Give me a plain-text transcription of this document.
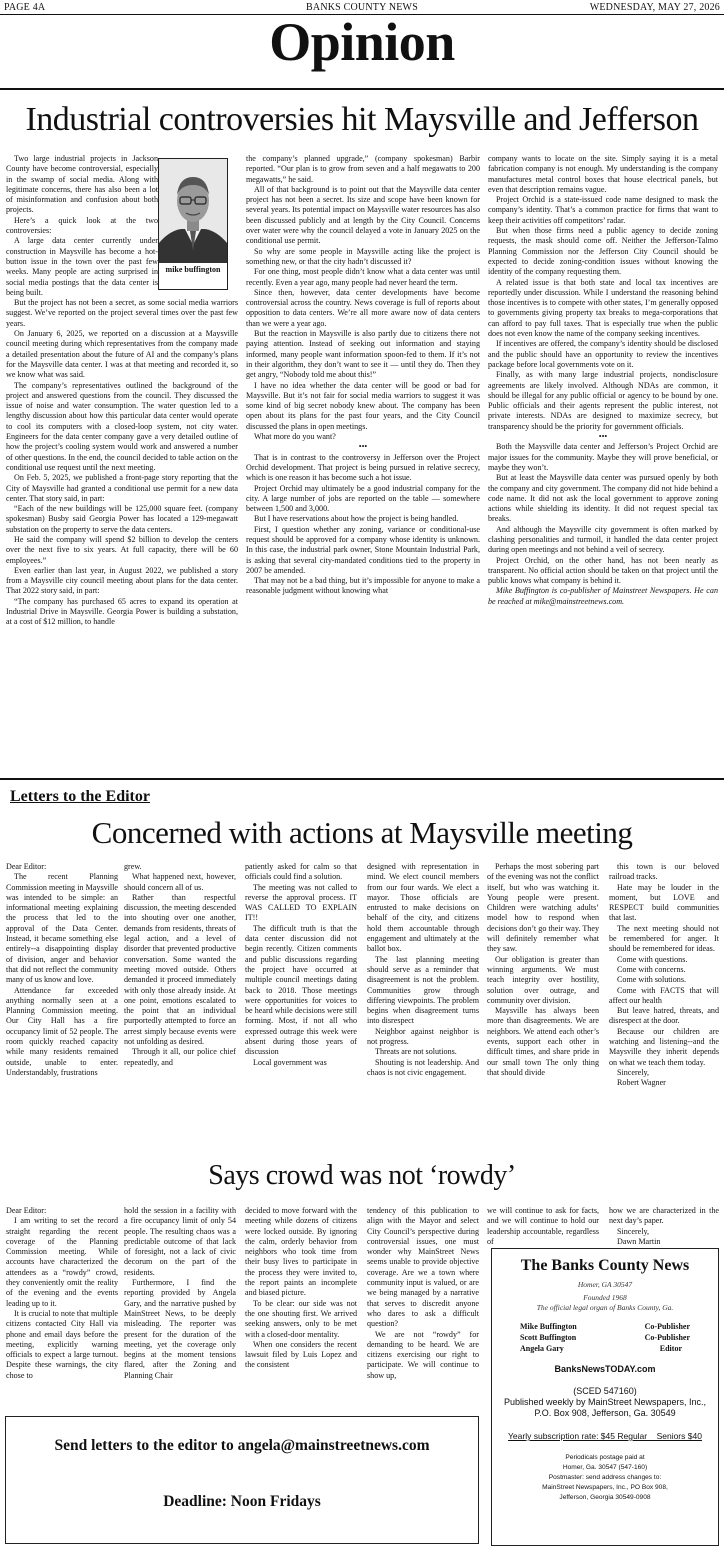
PAGE 4A	BANKS COUNTY NEWS	WEDNESDAY, MAY 27, 2026
Opinion
Industrial controversies hit Maysville and Jefferson
mike buffington

Two large industrial projects in Jackson County have become controversial, especially in the swamp of social media. Along with legitimate concerns, there has also been a lot of misinformation and confusion about both projects.

Here’s a quick look at the two controversies:

A large data center currently under construction in Maysville has become a hot-button issue in the town over the past few weeks. Many people are acting surprised in social media postings that the data center is being built.

But the project has not been a secret, as some social media warriors suggest. We’ve reported on the project several times over the past few years.

On January 6, 2025, we reported on a discussion at a Maysville council meeting during which representatives from the company made a detailed presentation about the future of AI and the company’s plans for the Maysville data center. I was at that meeting and recorded it, so we know what was said.

The company’s representatives outlined the background of the project and answered questions from the council. They discussed the issue of noise and water consumption. The water question led to a lengthy discussion about how this particular data center would operate to cool its computers with a closed-loop system, not city water. Engineers for the data center company gave a very detailed outline of how the project’s cooling system would work and answered a number of other questions. In the end, the council decided to table action on the conditional use request until the next meeting.

On Feb. 5, 2025, we published a front-page story reporting that the City of Maysville had granted a conditional use permit for a new data center. That story said, in part:

“Each of the new buildings will be 125,000 square feet. (company spokesman) Busby said Georgia Power has located a 129-megawatt substation on the property to serve the data centers.

He said the company will spend $2 billion to develop the centers over the next five to six years. At full capacity, there will be 60 employees.”

Even earlier than last year, in August 2022, we published a story from a Maysville city council meeting about plans for the data center. That 2022 story said, in part:

“The company has purchased 65 acres to expand its operation at Industrial Drive in Maysville. Georgia Power is building a substation, at a cost of $12 million, to handle

the company’s planned upgrade,” (company spokesman) Barbir reported. “Our plan is to grow from seven and a half megawatts to 200 megawatts,” he said.

All of that background is to point out that the Maysville data center project has not been a secret. Its size and scope have been known for several years. Its potential impact on Maysville water resources has also been discussed publicly and at length by the City Council. Concerns over water were why the council delayed a vote in January 2025 on the conditional use permit.

So why are some people in Maysville acting like the project is something new, or that the city hadn’t discussed it?

For one thing, most people didn’t know what a data center was until recently. Even a year ago, many people had never heard the term.

Since then, however, data center developments have become controversial across the country. News coverage is full of reports about opposition to data centers. We’re all more aware now of data centers than we were a year ago.

But the reaction in Maysville is also partly due to citizens there not paying attention. Instead of seeking out information and staying informed, many people want information spoon-fed to them. If it’s not in their algorithm, they don’t want to see it — until they do. Then they get angry, “Nobody told me about this!”

I have no idea whether the data center will be good or bad for Maysville. But it’s not fair for social media warriors to suggest it was some kind of big secret nobody knew about. The company has been open about its plans for the past four years, and the City Council discussed the plans in open meetings.

What more do you want?

•••

That is in contrast to the controversy in Jefferson over the Project Orchid development. That project is being pursued in relative secrecy, which is one reason it has become such a hot issue.

Project Orchid may ultimately be a good industrial company for the city. A large number of jobs are reported on the table — somewhere between 1,500 and 3,000.

But I have reservations about how the project is being handled.

First, I question whether any zoning, variance or conditional-use request should be approved for a company whose identity is unknown. In this case, the industrial park owner, Stone Mountain Industrial Park, is asking that several city-mandated conditions tied to the property in 2007 be amended.

That may not be a bad thing, but it’s impossible for anyone to make a reasonable judgment without knowing what

company wants to locate on the site. Simply saying it is a metal fabrication company is not enough. My understanding is the company manufactures metal control boxes that house electrical panels, but even that description remains vague.

Project Orchid is a state-issued code name designed to mask the company’s identity. That’s a common practice for firms that want to keep their activities off competitors’ radar.

But when those firms need a public agency to decide zoning requests, the mask should come off. Neither the Jefferson-Talmo Planning Commission nor the Jefferson City Council should be expected to decide zoning-condition issues without knowing the identity of the company requesting them.

A related issue is that both state and local tax incentives are reportedly under discussion. While I understand the reasoning behind those incentives is to compete with other states, I’m generally opposed to governments giving property tax breaks to mega-corporations that can afford to pay full taxes. That is especially true when the public does not even know the name of the company seeking incentives.

If incentives are offered, the company’s identity should be disclosed and the public should have an opportunity to review the incentives package before local governments vote on it.

Finally, as with many large industrial projects, nondisclosure agreements are likely involved. Although NDAs are common, it should be illegal for any public official or agency to be bound by one. Public officials and their agents represent the public interest, not private interests. NDAs are designed to maximize secrecy, but transparency should be the priority for government officials.

•••

Both the Maysville data center and Jefferson’s Project Orchid are major issues for the community. Maybe they will prove beneficial, or maybe they won’t.

But at least the Maysville data center was pursued openly by both the company and city government. The company did not hide behind a code name. It did not ask the local government to approve zoning actions while shielding its identity. It did not request special tax breaks.

And although the Maysville city government is often marked by clashing personalities and turmoil, it handled the data center project during open meetings and not behind a veil of secrecy.

Project Orchid, on the other hand, has not been nearly as transparent. No official action should be taken on that project until the public knows what company is behind it.

Mike Buffington is co-publisher of Mainstreet Newspapers. He can be reached at mike@mainstreetnews.com.

Letters to the Editor
Concerned with actions at Maysville meeting

Dear Editor:

The recent Planning Commission meeting in Maysville was intended to be simple: an informational meeting explaining the process that led to the approval of the Data Center. Instead, it became something else entirely--a disappointing display of division, anger and behavior that did not reflect the community many of us know and love.

Attendance far exceeded anything normally seen at a Planning Commission meeting. Our City Hall has a fire occupancy limit of 52 people. The room quickly reached capacity while many residents remained outside, unable to enter. Understandably, frustrations

grew.

What happened next, however, should concern all of us.

Rather than respectful discussion, the meeting descended into shouting over one another, demands from residents, threats of legal action, and a level of disorder that prevented productive conversation. Some wanted the meeting moved outside. Others demanded it proceed immediately with only those already inside. At one point, emotions escalated to the point that an individual purportedly attempted to force an arrest simply because events were not unfolding as desired.

Through it all, our police chief repeatedly, and

patiently asked for calm so that officials could find a solution.

The meeting was not called to reverse the approval process. IT WAS CALLED TO EXPLAIN IT!!

The difficult truth is that the data center discussion did not begin recently. Citizen comments and public discussions regarding the project have occurred at multiple council meetings dating back to 2018. Those meetings were opportunities for voices to be heard while decisions were still forming. Most, if not all who expressed outrage this week were absent during those years of discussion

Local government was

designed with representation in mind. We elect council members from our four wards. We elect a mayor. Those officials are entrusted to make decisions on behalf of the city, and citizens hold them accountable through engagement and ultimately at the ballot box.

The last planning meeting should serve as a reminder that disagreement is not the problem. Communities grow through differing viewpoints. The problem begins when disagreement turns into disrespect

Neighbor against neighbor is not progress.

Threats are not solutions.

Shouting is not leadership. And chaos is not civic engagement.

Perhaps the most sobering part of the evening was not the conflict itself, but who was watching it. Young people were present. Children were watching adults’ model how to respond when decisions don’t go their way. They will definitely remember what they saw.

Our obligation is greater than winning arguments. We must teach integrity over hostility, solution over outrage, and community over division.

Maysville has always been more than disagreements. We are neighbors. We attend each other’s events, support each other in difficult times, and share pride in our small town The only thing that should divide

this town is our beloved railroad tracks.

Hate may be louder in the moment, but LOVE and RESPECT build communities that last.

The next meeting should not be remembered for anger. It should be remembered for ideas.

Come with questions.

Come with concerns.

Come with solutions.

Come with FACTS that will affect our health

But leave hatred, threats, and disrespect at the door.

Because our children are watching and listening--and the Maysville they inherit depends on what we teach them today.

Sincerely,

Robert Wagner

Says crowd was not ‘rowdy’

Dear Editor:

I am writing to set the record straight regarding the recent coverage of the Planning Commission meeting. While accounts have characterized the attendees as a “rowdy” crowd, they conveniently omit the reality of the evening and the events leading up to it.

It is crucial to note that multiple citizens contacted City Hall via phone and email days before the meeting, explicitly warning officials to expect a large turnout. Despite these warnings, the city chose to

hold the session in a facility with a fire occupancy limit of only 54 people. The resulting chaos was a predictable outcome of that lack of foresight, not a lack of civic decorum on the part of the residents.

Furthermore, I find the reporting provided by Angela Gary, and the narrative pushed by MainStreet News, to be deeply misleading. The reporter was present for the duration of the meeting, yet the coverage only begins at the moment tensions flared, after the Zoning and Planning Chair

decided to move forward with the meeting while dozens of citizens were locked outside. By ignoring the calm, orderly behavior from neighbors who took time from their busy lives to participate in the process they were invited to, the report paints an incomplete and biased picture.

To be clear: our side was not the one shouting first. We arrived seeking answers, only to be met with a closed-door mentality.

When one considers the recent lawsuit filed by Luis Lopez and the consistent

tendency of this publication to align with the Mayor and select City Council’s perspective during controversial issues, one must wonder why MainStreet News seems unable to provide objective coverage. Are we a town where community input is valued, or are we being managed by a narrative that serves to discredit anyone who dares to ask a difficult question?

We are not “rowdy” for demanding to be heard. We are citizens exercising our right to participate. We will continue to show up,

we will continue to ask for facts, and we will continue to hold our leadership accountable, regardless of

how we are characterized in the next day’s paper.

Sincerely,

Dawn Martin

The Banks County News
Homer, GA 30547
Founded 1968
The official legal organ of Banks County, Ga.
Mike Buffington	Co-Publisher
Scott Buffington	Co-Publisher
Angela Gary	Editor
BanksNewsTODAY.com
(SCED 547160)
Published weekly by MainStreet Newspapers, Inc.,
P.O. Box 908, Jefferson, Ga. 30549
Yearly subscription rate: $45 Regular    Seniors $40
Periodicals postage paid at
Homer, Ga. 30547 (547-160)
Postmaster: send address changes to:
MainStreet Newspapers, Inc., PO Box 908,
Jefferson, Georgia 30549-0908
Send letters to the editor to angela@mainstreetnews.com
Deadline: Noon Fridays
